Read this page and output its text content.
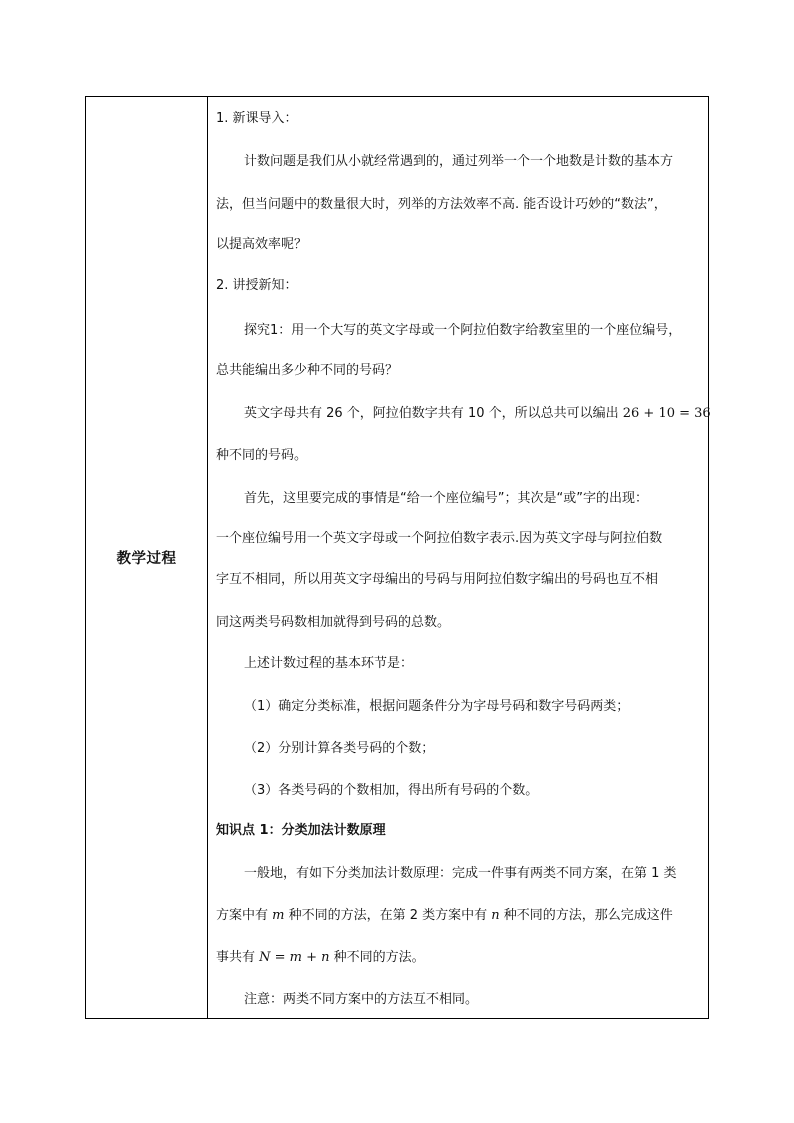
教学过程
1. 新课导入：
计数问题是我们从小就经常遇到的，通过列举一个一个地数是计数的基本方
法，但当问题中的数量很大时，列举的方法效率不高. 能否设计巧妙的“数法”，
以提高效率呢？
2. 讲授新知：
探究1：用一个大写的英文字母或一个阿拉伯数字给教室里的一个座位编号，
总共能编出多少种不同的号码？
英文字母共有 26 个，阿拉伯数字共有 10 个，所以总共可以编出 26 + 10 = 36
种不同的号码。
首先，这里要完成的事情是“给一个座位编号”；其次是“或”字的出现：
一个座位编号用一个英文字母或一个阿拉伯数字表示.因为英文字母与阿拉伯数
字互不相同，所以用英文字母编出的号码与用阿拉伯数字编出的号码也互不相
同这两类号码数相加就得到号码的总数。
上述计数过程的基本环节是：
（1）确定分类标准，根据问题条件分为字母号码和数字号码两类；
（2）分别计算各类号码的个数；
（3）各类号码的个数相加，得出所有号码的个数。
知识点 1：分类加法计数原理
一般地，有如下分类加法计数原理：完成一件事有两类不同方案，在第 1 类
方案中有 m 种不同的方法，在第 2 类方案中有 n 种不同的方法，那么完成这件
事共有 N = m + n 种不同的方法。
注意：两类不同方案中的方法互不相同。
